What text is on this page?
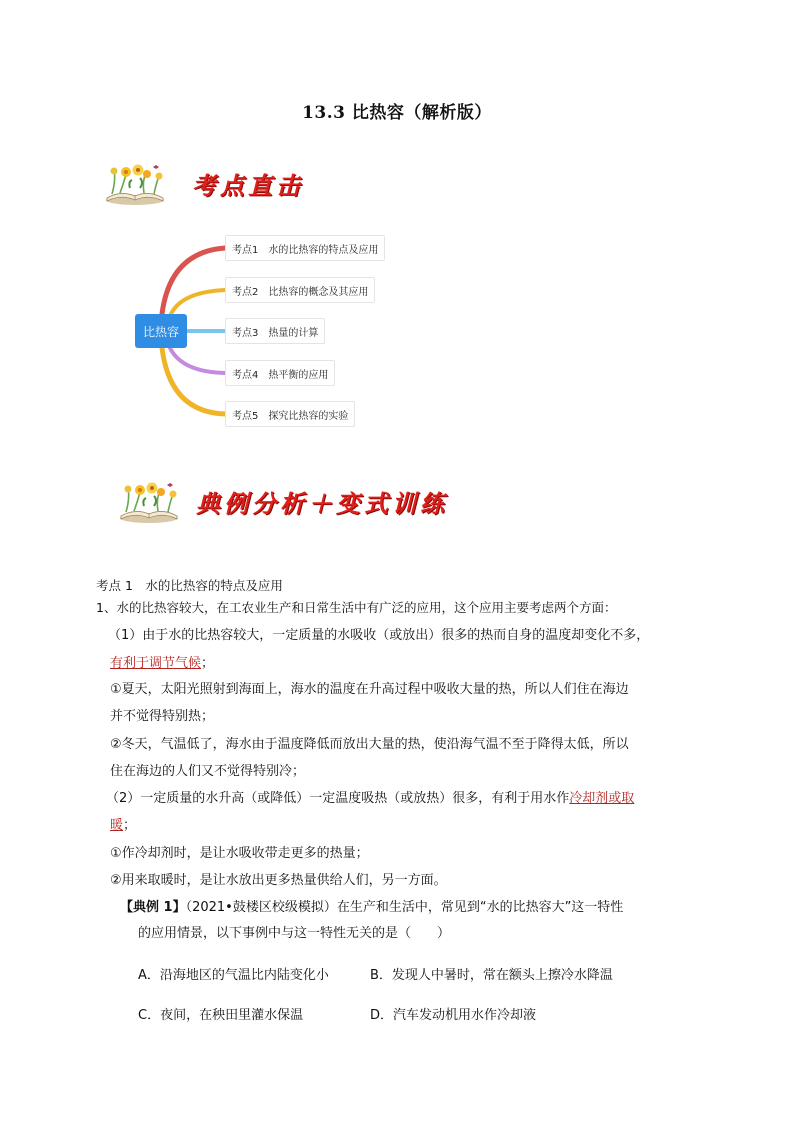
13.3 比热容（解析版）
考点直击
比热容
考点1 水的比热容的特点及应用
考点2 比热容的概念及其应用
考点3 热量的计算
考点4 热平衡的应用
考点5 探究比热容的实验
典例分析＋变式训练
考点 1　水的比热容的特点及应用
1、水的比热容较大，在工农业生产和日常生活中有广泛的应用，这个应用主要考虑两个方面：
（1）由于水的比热容较大，一定质量的水吸收（或放出）很多的热而自身的温度却变化不多，
有利于调节气候；
①夏天，太阳光照射到海面上，海水的温度在升高过程中吸收大量的热，所以人们住在海边
并不觉得特别热；
②冬天，气温低了，海水由于温度降低而放出大量的热，使沿海气温不至于降得太低，所以
住在海边的人们又不觉得特别冷；
（2）一定质量的水升高（或降低）一定温度吸热（或放热）很多，有利于用水作冷却剂或取
暖；
①作冷却剂时，是让水吸收带走更多的热量；
②用来取暖时，是让水放出更多热量供给人们，另一方面。
【典例 1】（2021•鼓楼区校级模拟）在生产和生活中，常见到“水的比热容大”这一特性
的应用情景，以下事例中与这一特性无关的是（　　）
A．沿海地区的气温比内陆变化小	B．发现人中暑时，常在额头上擦冷水降温
C．夜间，在秧田里灌水保温	D．汽车发动机用水作冷却液
